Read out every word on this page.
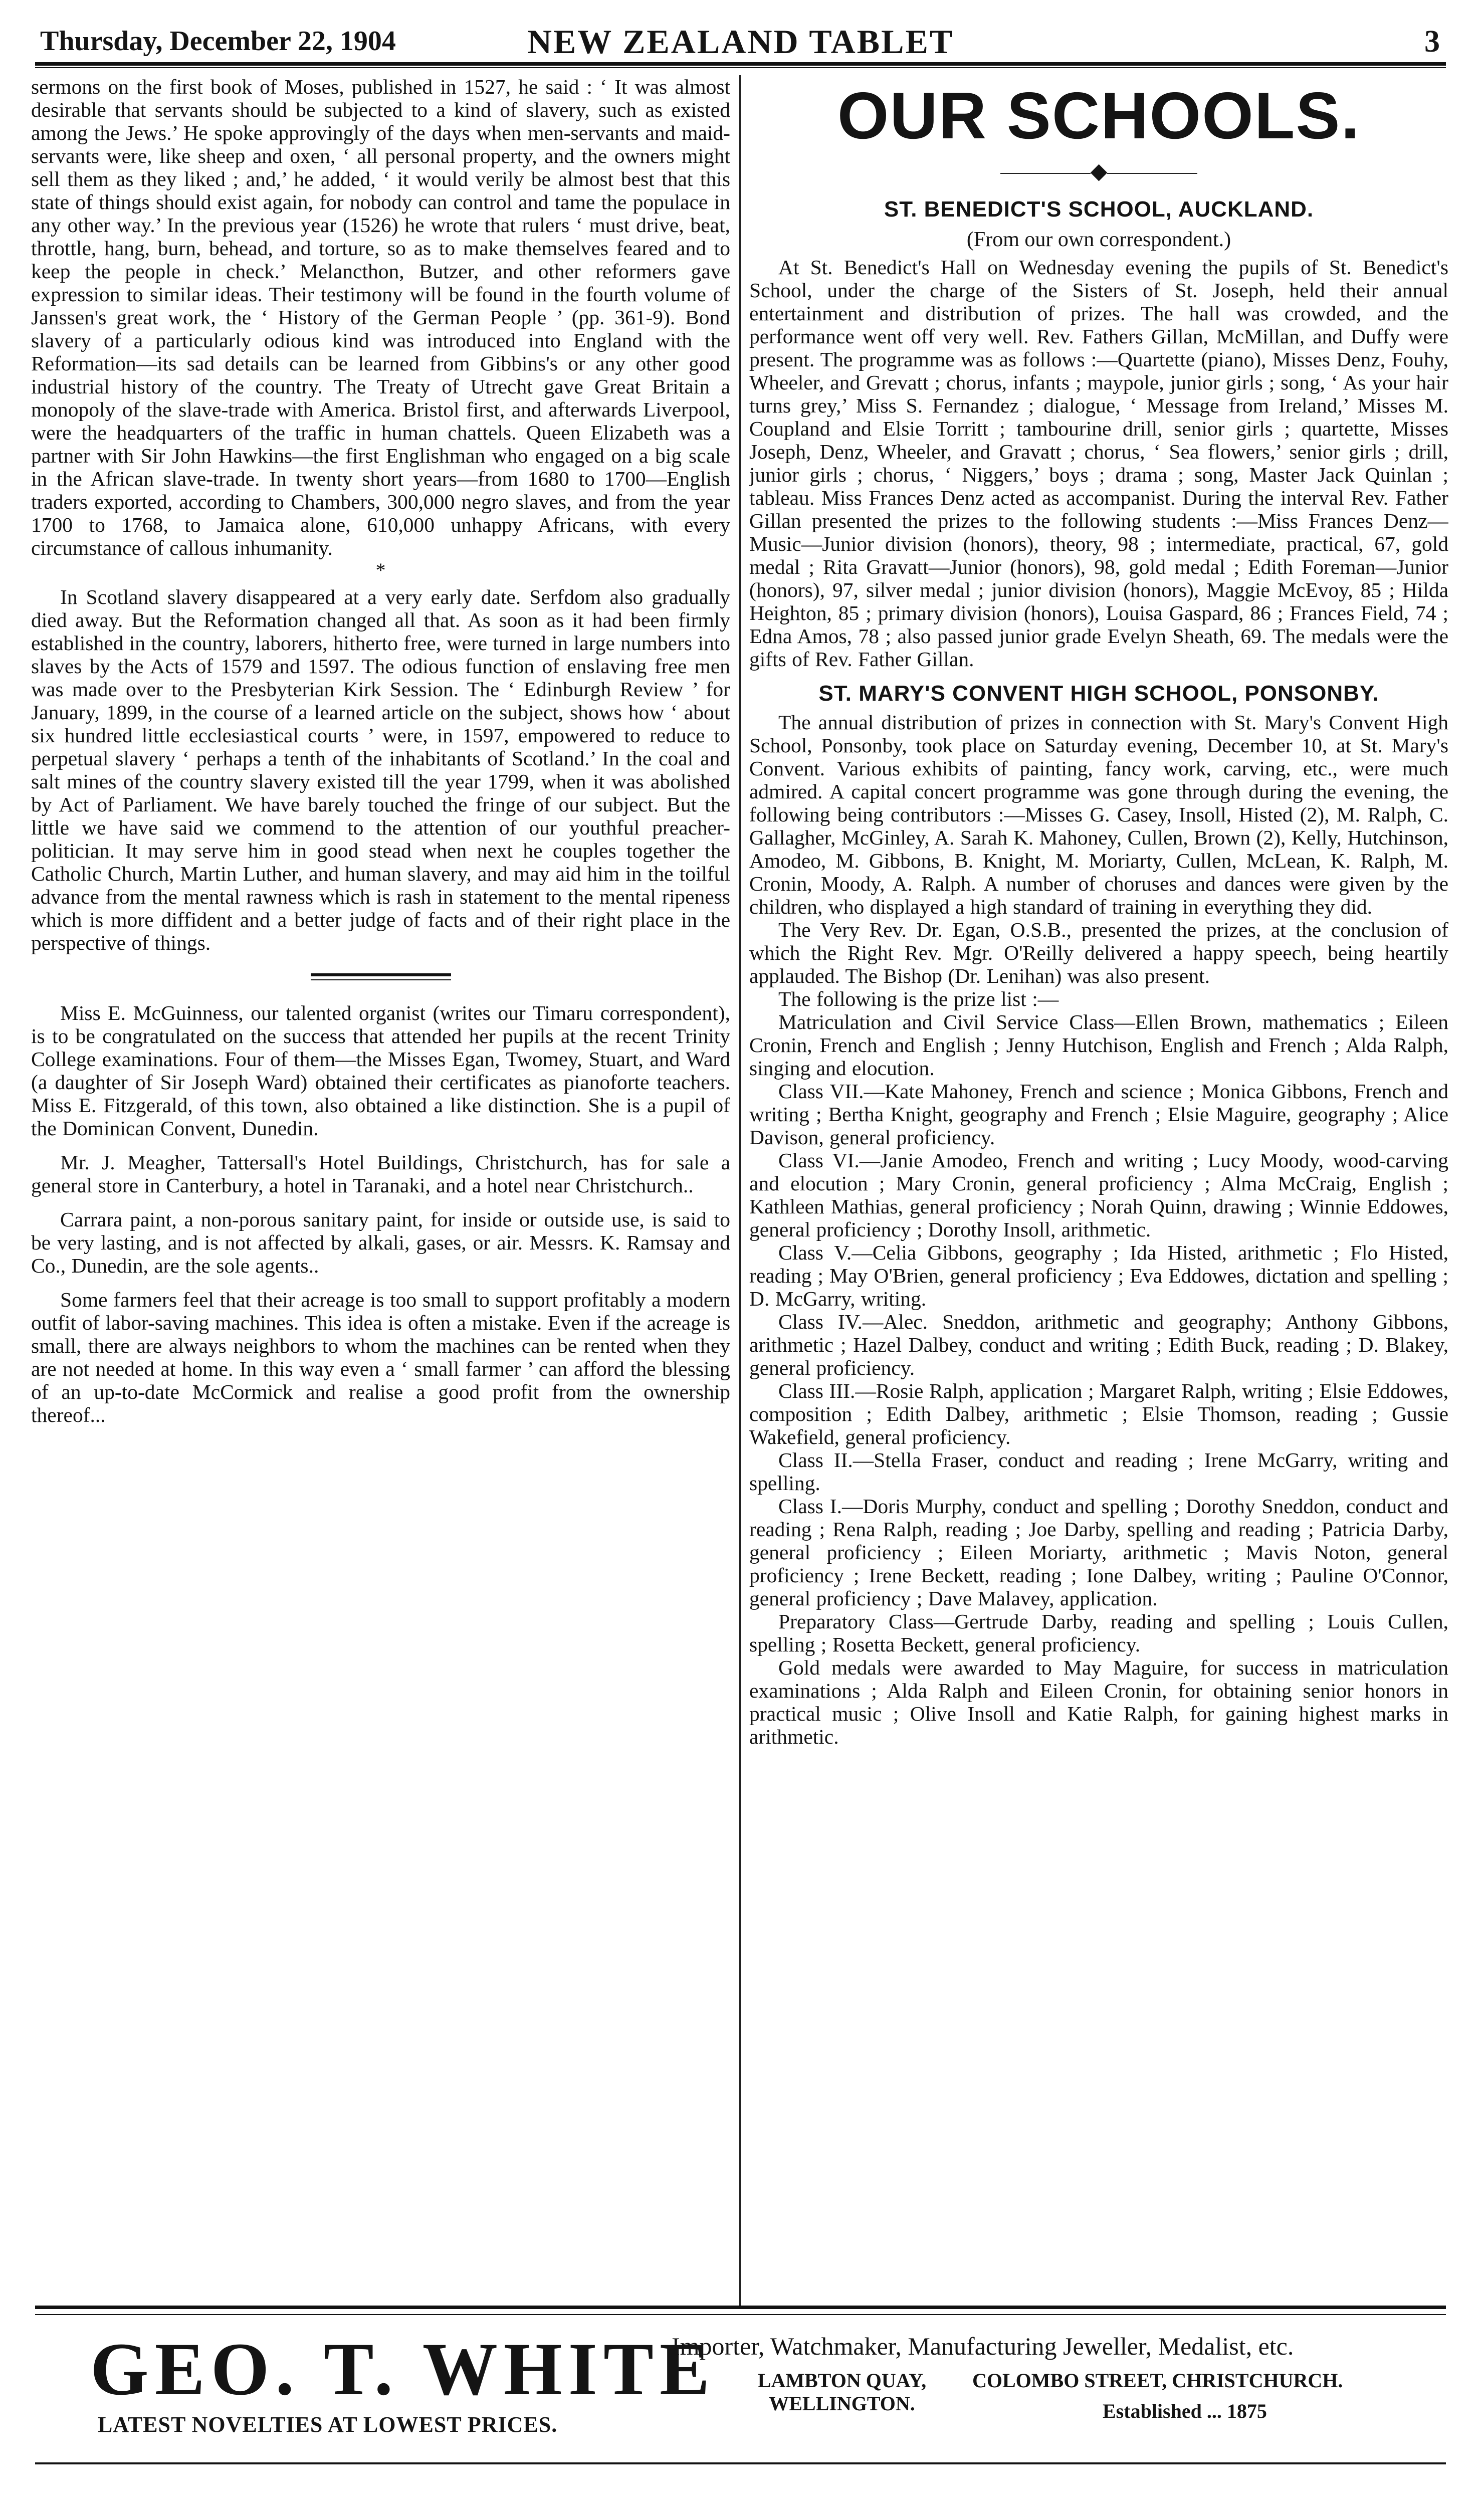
Thursday, December 22, 1904	NEW ZEALAND TABLET	3

sermons on the first book of Moses, published in 1527, he said : ‘ It was almost desirable that servants should be subjected to a kind of slavery, such as existed among the Jews.’ He spoke approvingly of the days when men-servants and maid-servants were, like sheep and oxen, ‘ all personal property, and the owners might sell them as they liked ; and,’ he added, ‘ it would verily be almost best that this state of things should exist again, for nobody can control and tame the populace in any other way.’ In the previous year (1526) he wrote that rulers ‘ must drive, beat, throttle, hang, burn, behead, and torture, so as to make themselves feared and to keep the people in check.’ Melancthon, Butzer, and other reformers gave expression to similar ideas. Their testimony will be found in the fourth volume of Janssen's great work, the ‘ History of the German People ’ (pp. 361-9). Bond slavery of a particularly odious kind was introduced into England with the Reformation—its sad details can be learned from Gibbins's or any other good industrial history of the country. The Treaty of Utrecht gave Great Britain a monopoly of the slave-trade with America. Bristol first, and afterwards Liverpool, were the headquarters of the traffic in human chattels. Queen Elizabeth was a partner with Sir John Hawkins—the first Englishman who engaged on a big scale in the African slave-trade. In twenty short years—from 1680 to 1700—English traders exported, according to Chambers, 300,000 negro slaves, and from the year 1700 to 1768, to Jamaica alone, 610,000 unhappy Africans, with every circumstance of callous inhumanity.

*

In Scotland slavery disappeared at a very early date. Serfdom also gradually died away. But the Reformation changed all that. As soon as it had been firmly established in the country, laborers, hitherto free, were turned in large numbers into slaves by the Acts of 1579 and 1597. The odious function of enslaving free men was made over to the Presbyterian Kirk Session. The ‘ Edinburgh Review ’ for January, 1899, in the course of a learned article on the subject, shows how ‘ about six hundred little ecclesiastical courts ’ were, in 1597, empowered to reduce to perpetual slavery ‘ perhaps a tenth of the inhabitants of Scotland.’ In the coal and salt mines of the country slavery existed till the year 1799, when it was abolished by Act of Parliament. We have barely touched the fringe of our subject. But the little we have said we commend to the attention of our youthful preacher-politician. It may serve him in good stead when next he couples together the Catholic Church, Martin Luther, and human slavery, and may aid him in the toilful advance from the mental rawness which is rash in statement to the mental ripeness which is more diffident and a better judge of facts and of their right place in the perspective of things.

Miss E. McGuinness, our talented organist (writes our Timaru correspondent), is to be congratulated on the success that attended her pupils at the recent Trinity College examinations. Four of them—the Misses Egan, Twomey, Stuart, and Ward (a daughter of Sir Joseph Ward) obtained their certificates as pianoforte teachers. Miss E. Fitzgerald, of this town, also obtained a like distinction. She is a pupil of the Dominican Convent, Dunedin.

Mr. J. Meagher, Tattersall's Hotel Buildings, Christchurch, has for sale a general store in Canterbury, a hotel in Taranaki, and a hotel near Christchurch..

Carrara paint, a non-porous sanitary paint, for inside or outside use, is said to be very lasting, and is not affected by alkali, gases, or air. Messrs. K. Ramsay and Co., Dunedin, are the sole agents..

Some farmers feel that their acreage is too small to support profitably a modern outfit of labor-saving machines. This idea is often a mistake. Even if the acreage is small, there are always neighbors to whom the machines can be rented when they are not needed at home. In this way even a ‘ small farmer ’ can afford the blessing of an up-to-date McCormick and realise a good profit from the ownership thereof...

OUR SCHOOLS.
◆
ST. BENEDICT'S SCHOOL, AUCKLAND.
(From our own correspondent.)

At St. Benedict's Hall on Wednesday evening the pupils of St. Benedict's School, under the charge of the Sisters of St. Joseph, held their annual entertainment and distribution of prizes. The hall was crowded, and the performance went off very well. Rev. Fathers Gillan, McMillan, and Duffy were present. The programme was as follows :—Quartette (piano), Misses Denz, Fouhy, Wheeler, and Grevatt ; chorus, infants ; maypole, junior girls ; song, ‘ As your hair turns grey,’ Miss S. Fernandez ; dialogue, ‘ Message from Ireland,’ Misses M. Coupland and Elsie Torritt ; tambourine drill, senior girls ; quartette, Misses Joseph, Denz, Wheeler, and Gravatt ; chorus, ‘ Sea flowers,’ senior girls ; drill, junior girls ; chorus, ‘ Niggers,’ boys ; drama ; song, Master Jack Quinlan ; tableau. Miss Frances Denz acted as accompanist. During the interval Rev. Father Gillan presented the prizes to the following students :—Miss Frances Denz—Music—Junior division (honors), theory, 98 ; intermediate, practical, 67, gold medal ; Rita Gravatt—Junior (honors), 98, gold medal ; Edith Foreman—Junior (honors), 97, silver medal ; junior division (honors), Maggie McEvoy, 85 ; Hilda Heighton, 85 ; primary division (honors), Louisa Gaspard, 86 ; Frances Field, 74 ; Edna Amos, 78 ; also passed junior grade Evelyn Sheath, 69. The medals were the gifts of Rev. Father Gillan.

ST. MARY'S CONVENT HIGH SCHOOL, PONSONBY.

The annual distribution of prizes in connection with St. Mary's Convent High School, Ponsonby, took place on Saturday evening, December 10, at St. Mary's Convent. Various exhibits of painting, fancy work, carving, etc., were much admired. A capital concert programme was gone through during the evening, the following being contributors :—Misses G. Casey, Insoll, Histed (2), M. Ralph, C. Gallagher, McGinley, A. Sarah K. Mahoney, Cullen, Brown (2), Kelly, Hutchinson, Amodeo, M. Gibbons, B. Knight, M. Moriarty, Cullen, McLean, K. Ralph, M. Cronin, Moody, A. Ralph. A number of choruses and dances were given by the children, who displayed a high standard of training in everything they did.

The Very Rev. Dr. Egan, O.S.B., presented the prizes, at the conclusion of which the Right Rev. Mgr. O'Reilly delivered a happy speech, being heartily applauded. The Bishop (Dr. Lenihan) was also present.

The following is the prize list :—

Matriculation and Civil Service Class—Ellen Brown, mathematics ; Eileen Cronin, French and English ; Jenny Hutchison, English and French ; Alda Ralph, singing and elocution.

Class VII.—Kate Mahoney, French and science ; Monica Gibbons, French and writing ; Bertha Knight, geography and French ; Elsie Maguire, geography ; Alice Davison, general proficiency.

Class VI.—Janie Amodeo, French and writing ; Lucy Moody, wood-carving and elocution ; Mary Cronin, general proficiency ; Alma McCraig, English ; Kathleen Mathias, general proficiency ; Norah Quinn, drawing ; Winnie Eddowes, general proficiency ; Dorothy Insoll, arithmetic.

Class V.—Celia Gibbons, geography ; Ida Histed, arithmetic ; Flo Histed, reading ; May O'Brien, general proficiency ; Eva Eddowes, dictation and spelling ; D. McGarry, writing.

Class IV.—Alec. Sneddon, arithmetic and geography; Anthony Gibbons, arithmetic ; Hazel Dalbey, conduct and writing ; Edith Buck, reading ; D. Blakey, general proficiency.

Class III.—Rosie Ralph, application ; Margaret Ralph, writing ; Elsie Eddowes, composition ; Edith Dalbey, arithmetic ; Elsie Thomson, reading ; Gussie Wakefield, general proficiency.

Class II.—Stella Fraser, conduct and reading ; Irene McGarry, writing and spelling.

Class I.—Doris Murphy, conduct and spelling ; Dorothy Sneddon, conduct and reading ; Rena Ralph, reading ; Joe Darby, spelling and reading ; Patricia Darby, general proficiency ; Eileen Moriarty, arithmetic ; Mavis Noton, general proficiency ; Irene Beckett, reading ; Ione Dalbey, writing ; Pauline O'Connor, general proficiency ; Dave Malavey, application.

Preparatory Class—Gertrude Darby, reading and spelling ; Louis Cullen, spelling ; Rosetta Beckett, general proficiency.

Gold medals were awarded to May Maguire, for success in matriculation examinations ; Alda Ralph and Eileen Cronin, for obtaining senior honors in practical music ; Olive Insoll and Katie Ralph, for gaining highest marks in arithmetic.

GEO. T. WHITE
LATEST NOVELTIES AT LOWEST PRICES.
Importer, Watchmaker, Manufacturing Jeweller, Medalist, etc.
LAMBTON QUAY,
WELLINGTON.
COLOMBO STREET, CHRISTCHURCH.
Established ... 1875
